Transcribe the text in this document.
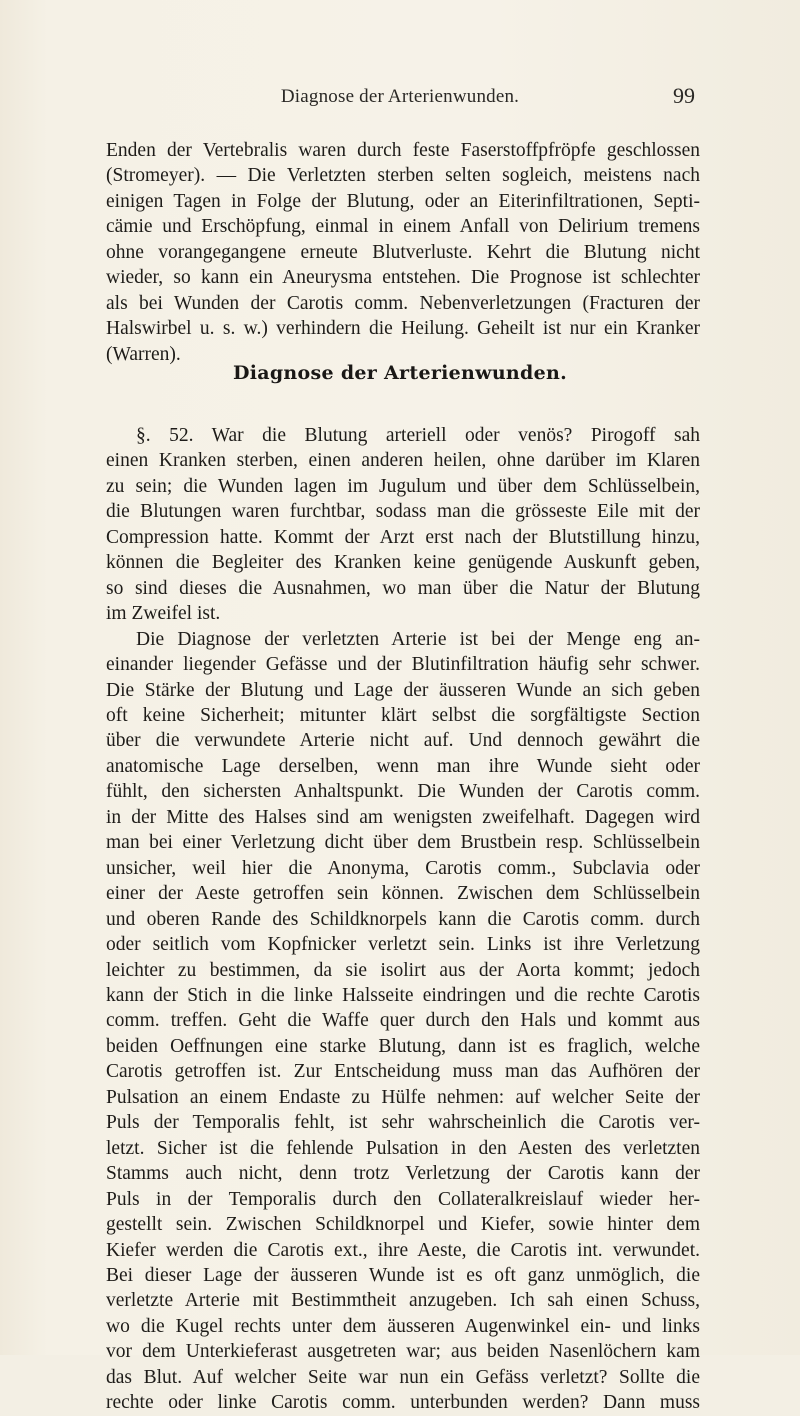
Diagnose der Arterienwunden.	99
Enden der Vertebralis waren durch feste Faserstoffpfröpfe geschlossen
(Stromeyer). — Die Verletzten sterben selten sogleich, meistens nach
einigen Tagen in Folge der Blutung, oder an Eiterinfiltrationen, Septi-
cämie und Erschöpfung, einmal in einem Anfall von Delirium tremens
ohne vorangegangene erneute Blutverluste. Kehrt die Blutung nicht
wieder, so kann ein Aneurysma entstehen. Die Prognose ist schlechter
als bei Wunden der Carotis comm. Nebenverletzungen (Fracturen der
Halswirbel u. s. w.) verhindern die Heilung. Geheilt ist nur ein Kranker
(Warren).
Diagnose der Arterienwunden.
§. 52. War die Blutung arteriell oder venös? Pirogoff sah
einen Kranken sterben, einen anderen heilen, ohne darüber im Klaren
zu sein; die Wunden lagen im Jugulum und über dem Schlüsselbein,
die Blutungen waren furchtbar, sodass man die grösseste Eile mit der
Compression hatte. Kommt der Arzt erst nach der Blutstillung hinzu,
können die Begleiter des Kranken keine genügende Auskunft geben,
so sind dieses die Ausnahmen, wo man über die Natur der Blutung
im Zweifel ist.
Die Diagnose der verletzten Arterie ist bei der Menge eng an-
einander liegender Gefässe und der Blutinfiltration häufig sehr schwer.
Die Stärke der Blutung und Lage der äusseren Wunde an sich geben
oft keine Sicherheit; mitunter klärt selbst die sorgfältigste Section
über die verwundete Arterie nicht auf. Und dennoch gewährt die
anatomische Lage derselben, wenn man ihre Wunde sieht oder
fühlt, den sichersten Anhaltspunkt. Die Wunden der Carotis comm.
in der Mitte des Halses sind am wenigsten zweifelhaft. Dagegen wird
man bei einer Verletzung dicht über dem Brustbein resp. Schlüsselbein
unsicher, weil hier die Anonyma, Carotis comm., Subclavia oder
einer der Aeste getroffen sein können. Zwischen dem Schlüsselbein
und oberen Rande des Schildknorpels kann die Carotis comm. durch
oder seitlich vom Kopfnicker verletzt sein. Links ist ihre Verletzung
leichter zu bestimmen, da sie isolirt aus der Aorta kommt; jedoch
kann der Stich in die linke Halsseite eindringen und die rechte Carotis
comm. treffen. Geht die Waffe quer durch den Hals und kommt aus
beiden Oeffnungen eine starke Blutung, dann ist es fraglich, welche
Carotis getroffen ist. Zur Entscheidung muss man das Aufhören der
Pulsation an einem Endaste zu Hülfe nehmen: auf welcher Seite der
Puls der Temporalis fehlt, ist sehr wahrscheinlich die Carotis ver-
letzt. Sicher ist die fehlende Pulsation in den Aesten des verletzten
Stamms auch nicht, denn trotz Verletzung der Carotis kann der
Puls in der Temporalis durch den Collateralkreislauf wieder her-
gestellt sein. Zwischen Schildknorpel und Kiefer, sowie hinter dem
Kiefer werden die Carotis ext., ihre Aeste, die Carotis int. verwundet.
Bei dieser Lage der äusseren Wunde ist es oft ganz unmöglich, die
verletzte Arterie mit Bestimmtheit anzugeben. Ich sah einen Schuss,
wo die Kugel rechts unter dem äusseren Augenwinkel ein- und links
vor dem Unterkieferast ausgetreten war; aus beiden Nasenlöchern kam
das Blut. Auf welcher Seite war nun ein Gefäss verletzt? Sollte die
rechte oder linke Carotis comm. unterbunden werden? Dann muss
